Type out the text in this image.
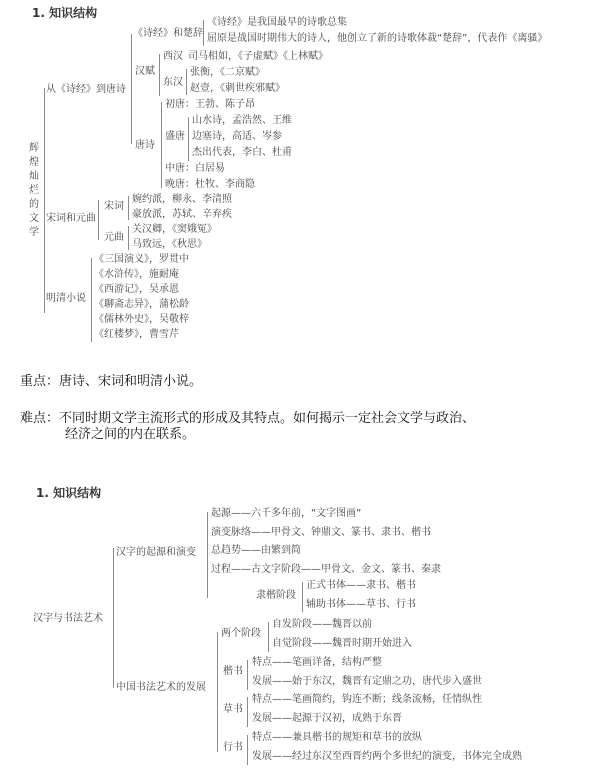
1. 知识结构
辉
煌
灿
烂
的
文
学
从《诗经》到唐诗
《诗经》和楚辞
《诗经》是我国最早的诗歌总集
屈原是战国时期伟大的诗人，他创立了新的诗歌体裁“楚辞”，代表作《离骚》
汉赋
西汉 司马相如，《子虚赋》《上林赋》
东汉
张衡，《二京赋》
赵壹，《刺世疾邪赋》
唐诗
初唐：王勃、陈子昂
盛唐
山水诗，孟浩然、王维
边塞诗，高适、岑参
杰出代表，李白、杜甫
中唐：白居易
晚唐：杜牧、李商隐
宋词和元曲
宋词
婉约派，柳永、李清照
豪放派，苏轼、辛弃疾
元曲
关汉卿，《窦娥冤》
马致远，《秋思》
明清小说
《三国演义》，罗贯中
《水浒传》，施耐庵
《西游记》，吴承恩
《聊斋志异》，蒲松龄
《儒林外史》，吴敬梓
《红楼梦》，曹雪芹
重点：唐诗、宋词和明清小说。
难点：不同时期文学主流形式的形成及其特点。如何揭示一定社会文学与政治、
经济之间的内在联系。
1. 知识结构
汉字与书法艺术
汉字的起源和演变
起源——六千多年前，“文字图画”
演变脉络——甲骨文、钟鼎文、篆书、隶书、楷书
总趋势——由繁到简
过程——古文字阶段——甲骨文、金文、篆书、秦隶
隶楷阶段
正式书体——隶书、楷书
辅助书体——草书、行书
中国书法艺术的发展
两个阶段
自发阶段——魏晋以前
自觉阶段——魏晋时期开始进入
楷书
特点——笔画详备，结构严整
发展——始于东汉，魏晋有定鼎之功，唐代步入盛世
草书
特点——笔画简约，钩连不断；线条流畅，任情纵性
发展——起源于汉初，成熟于东晋
行书
特点——兼具楷书的规矩和草书的放纵
发展——经过东汉至西晋约两个多世纪的演变，书体完全成熟
